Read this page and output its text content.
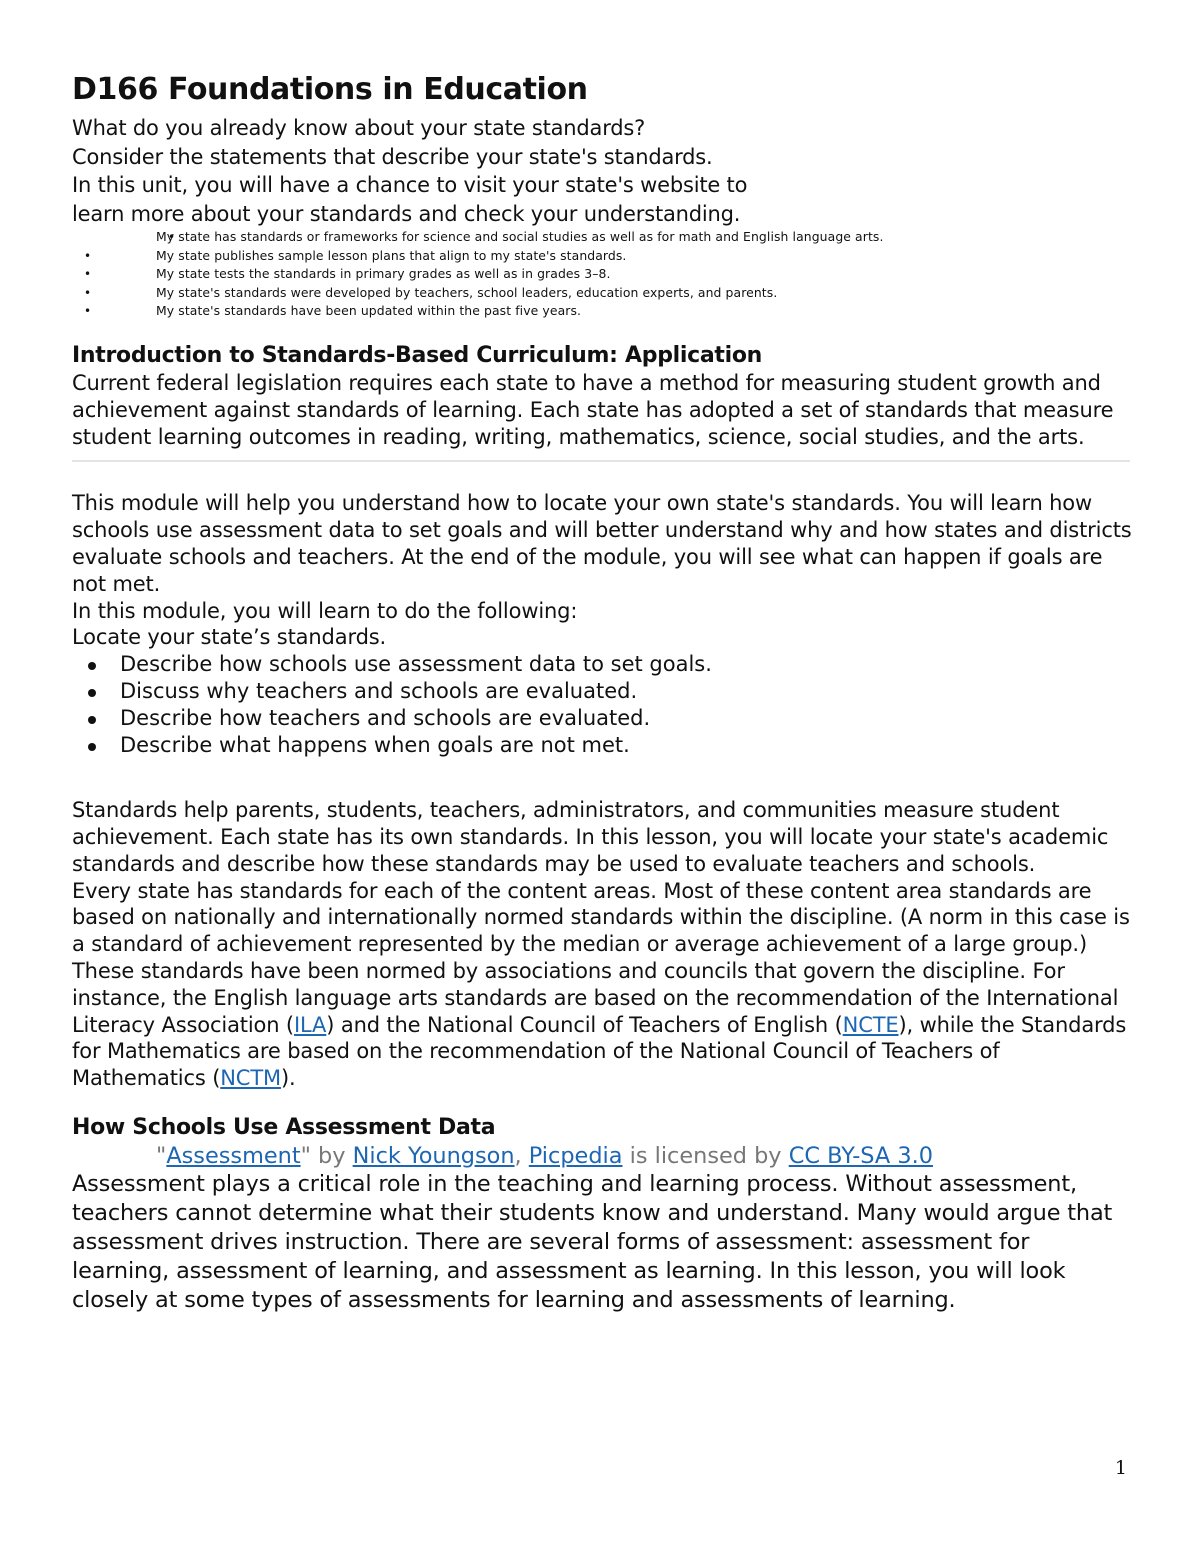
D166 Foundations in Education
What do you already know about your state standards?
Consider the statements that describe your state's standards.
In this unit, you will have a chance to visit your state's website to
learn more about your standards and check your understanding.
• My state has standards or frameworks for science and social studies as well as for math and English language arts.
• My state publishes sample lesson plans that align to my state's standards.
• My state tests the standards in primary grades as well as in grades 3–8.
• My state's standards were developed by teachers, school leaders, education experts, and parents.
• My state's standards have been updated within the past five years.
Introduction to Standards-Based Curriculum: Application

Current federal legislation requires each state to have a method for measuring student growth and achievement against standards of learning. Each state has adopted a set of standards that measure student learning outcomes in reading, writing, mathematics, science, social studies, and the arts.

This module will help you understand how to locate your own state's standards. You will learn how schools use assessment data to set goals and will better understand why and how states and districts evaluate schools and teachers. At the end of the module, you will see what can happen if goals are not met.

In this module, you will learn to do the following:

Locate your state’s standards.

Describe how schools use assessment data to set goals.
Discuss why teachers and schools are evaluated.
Describe how teachers and schools are evaluated.
Describe what happens when goals are not met.

Standards help parents, students, teachers, administrators, and communities measure student achievement. Each state has its own standards. In this lesson, you will locate your state's academic standards and describe how these standards may be used to evaluate teachers and schools.

Every state has standards for each of the content areas. Most of these content area standards are based on nationally and internationally normed standards within the discipline. (A norm in this case is a standard of achievement represented by the median or average achievement of a large group.) These standards have been normed by associations and councils that govern the discipline. For instance, the English language arts standards are based on the recommendation of the International Literacy Association (ILA) and the National Council of Teachers of English (NCTE), while the Standards for Mathematics are based on the recommendation of the National Council of Teachers of Mathematics (NCTM).

How Schools Use Assessment Data
"Assessment" by Nick Youngson, Picpedia is licensed by CC BY-SA 3.0

Assessment plays a critical role in the teaching and learning process. Without assessment, teachers cannot determine what their students know and understand. Many would argue that assessment drives instruction. There are several forms of assessment: assessment for learning, assessment of learning, and assessment as learning. In this lesson, you will look closely at some types of assessments for learning and assessments of learning.

1
